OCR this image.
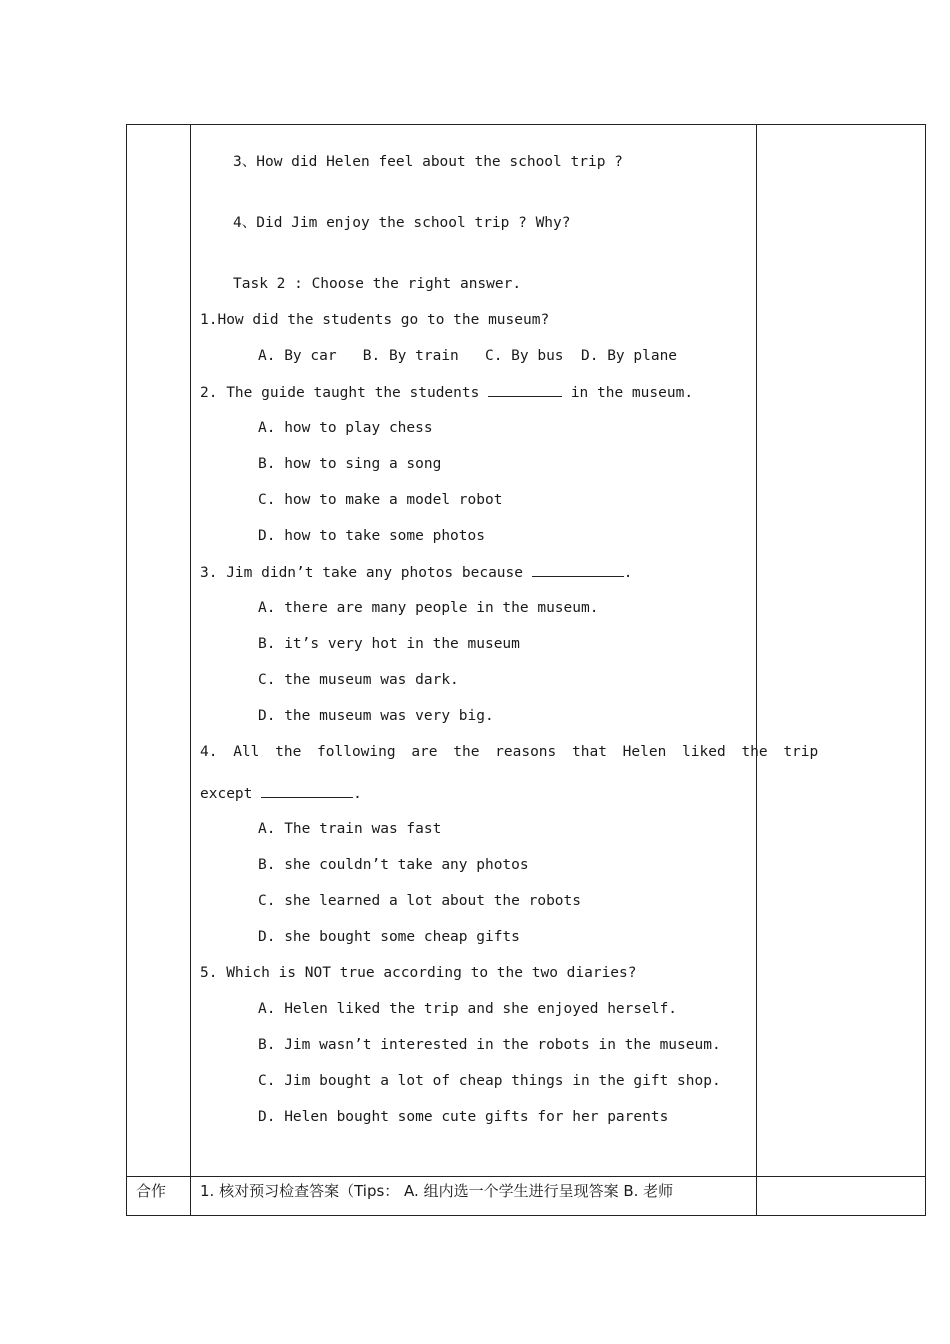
3、How did Helen feel about the school trip ?
4、Did Jim enjoy the school trip ? Why?
Task 2 : Choose the right answer.
1.How did the students go to the museum?
A. By car   B. By train   C. By bus  D. By plane
2. The guide taught the students	in the museum.
A. how to play chess
B. how to sing a song
C. how to make a model robot
D. how to take some photos
3. Jim didn’t take any photos because	.
A. there are many people in the museum.
B. it’s very hot in the museum
C. the museum was dark.
D. the museum was very big.
4. All the following are the reasons that Helen liked the trip
except	.
A. The train was fast
B. she couldn’t take any photos
C. she learned a lot about the robots
D. she bought some cheap gifts
5. Which is NOT true according to the two diaries?
A. Helen liked the trip and she enjoyed herself.
B. Jim wasn’t interested in the robots in the museum.
C. Jim bought a lot of cheap things in the gift shop.
D. Helen bought some cute gifts for her parents
合作 1. 核对预习检查答案（Tips： A. 组内选一个学生进行呈现答案 B. 老师
